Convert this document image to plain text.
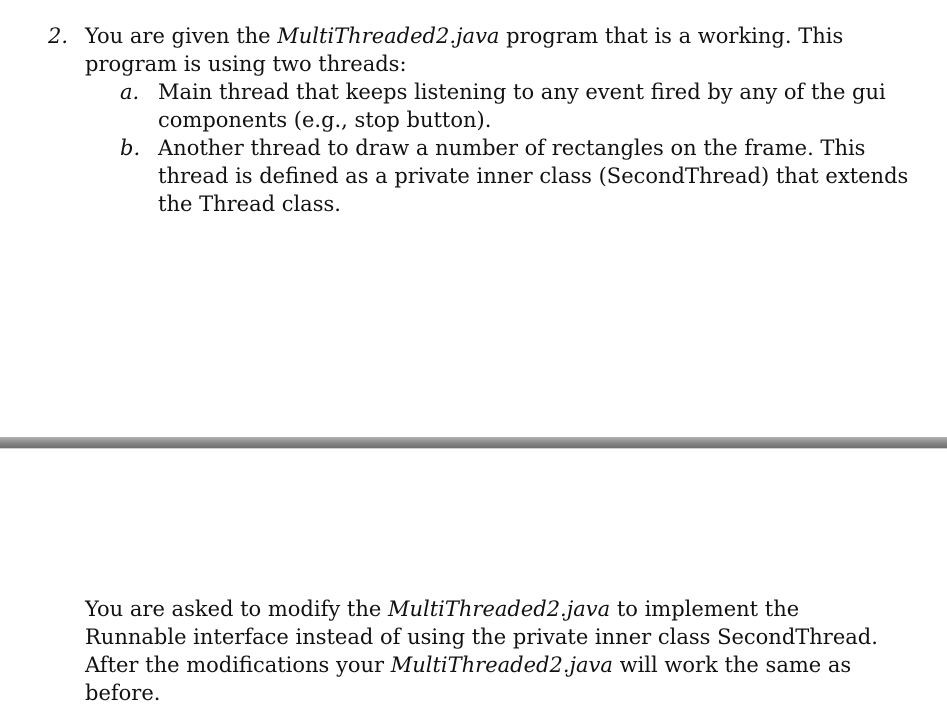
2. You are given the MultiThreaded2.java program that is a working. This program is using two threads:
a. Main thread that keeps listening to any event fired by any of the gui components (e.g., stop button).
b. Another thread to draw a number of rectangles on the frame. This thread is defined as a private inner class (SecondThread) that extends the Thread class.
You are asked to modify the MultiThreaded2.java to implement the Runnable interface instead of using the private inner class SecondThread. After the modifications your MultiThreaded2.java will work the same as before.
